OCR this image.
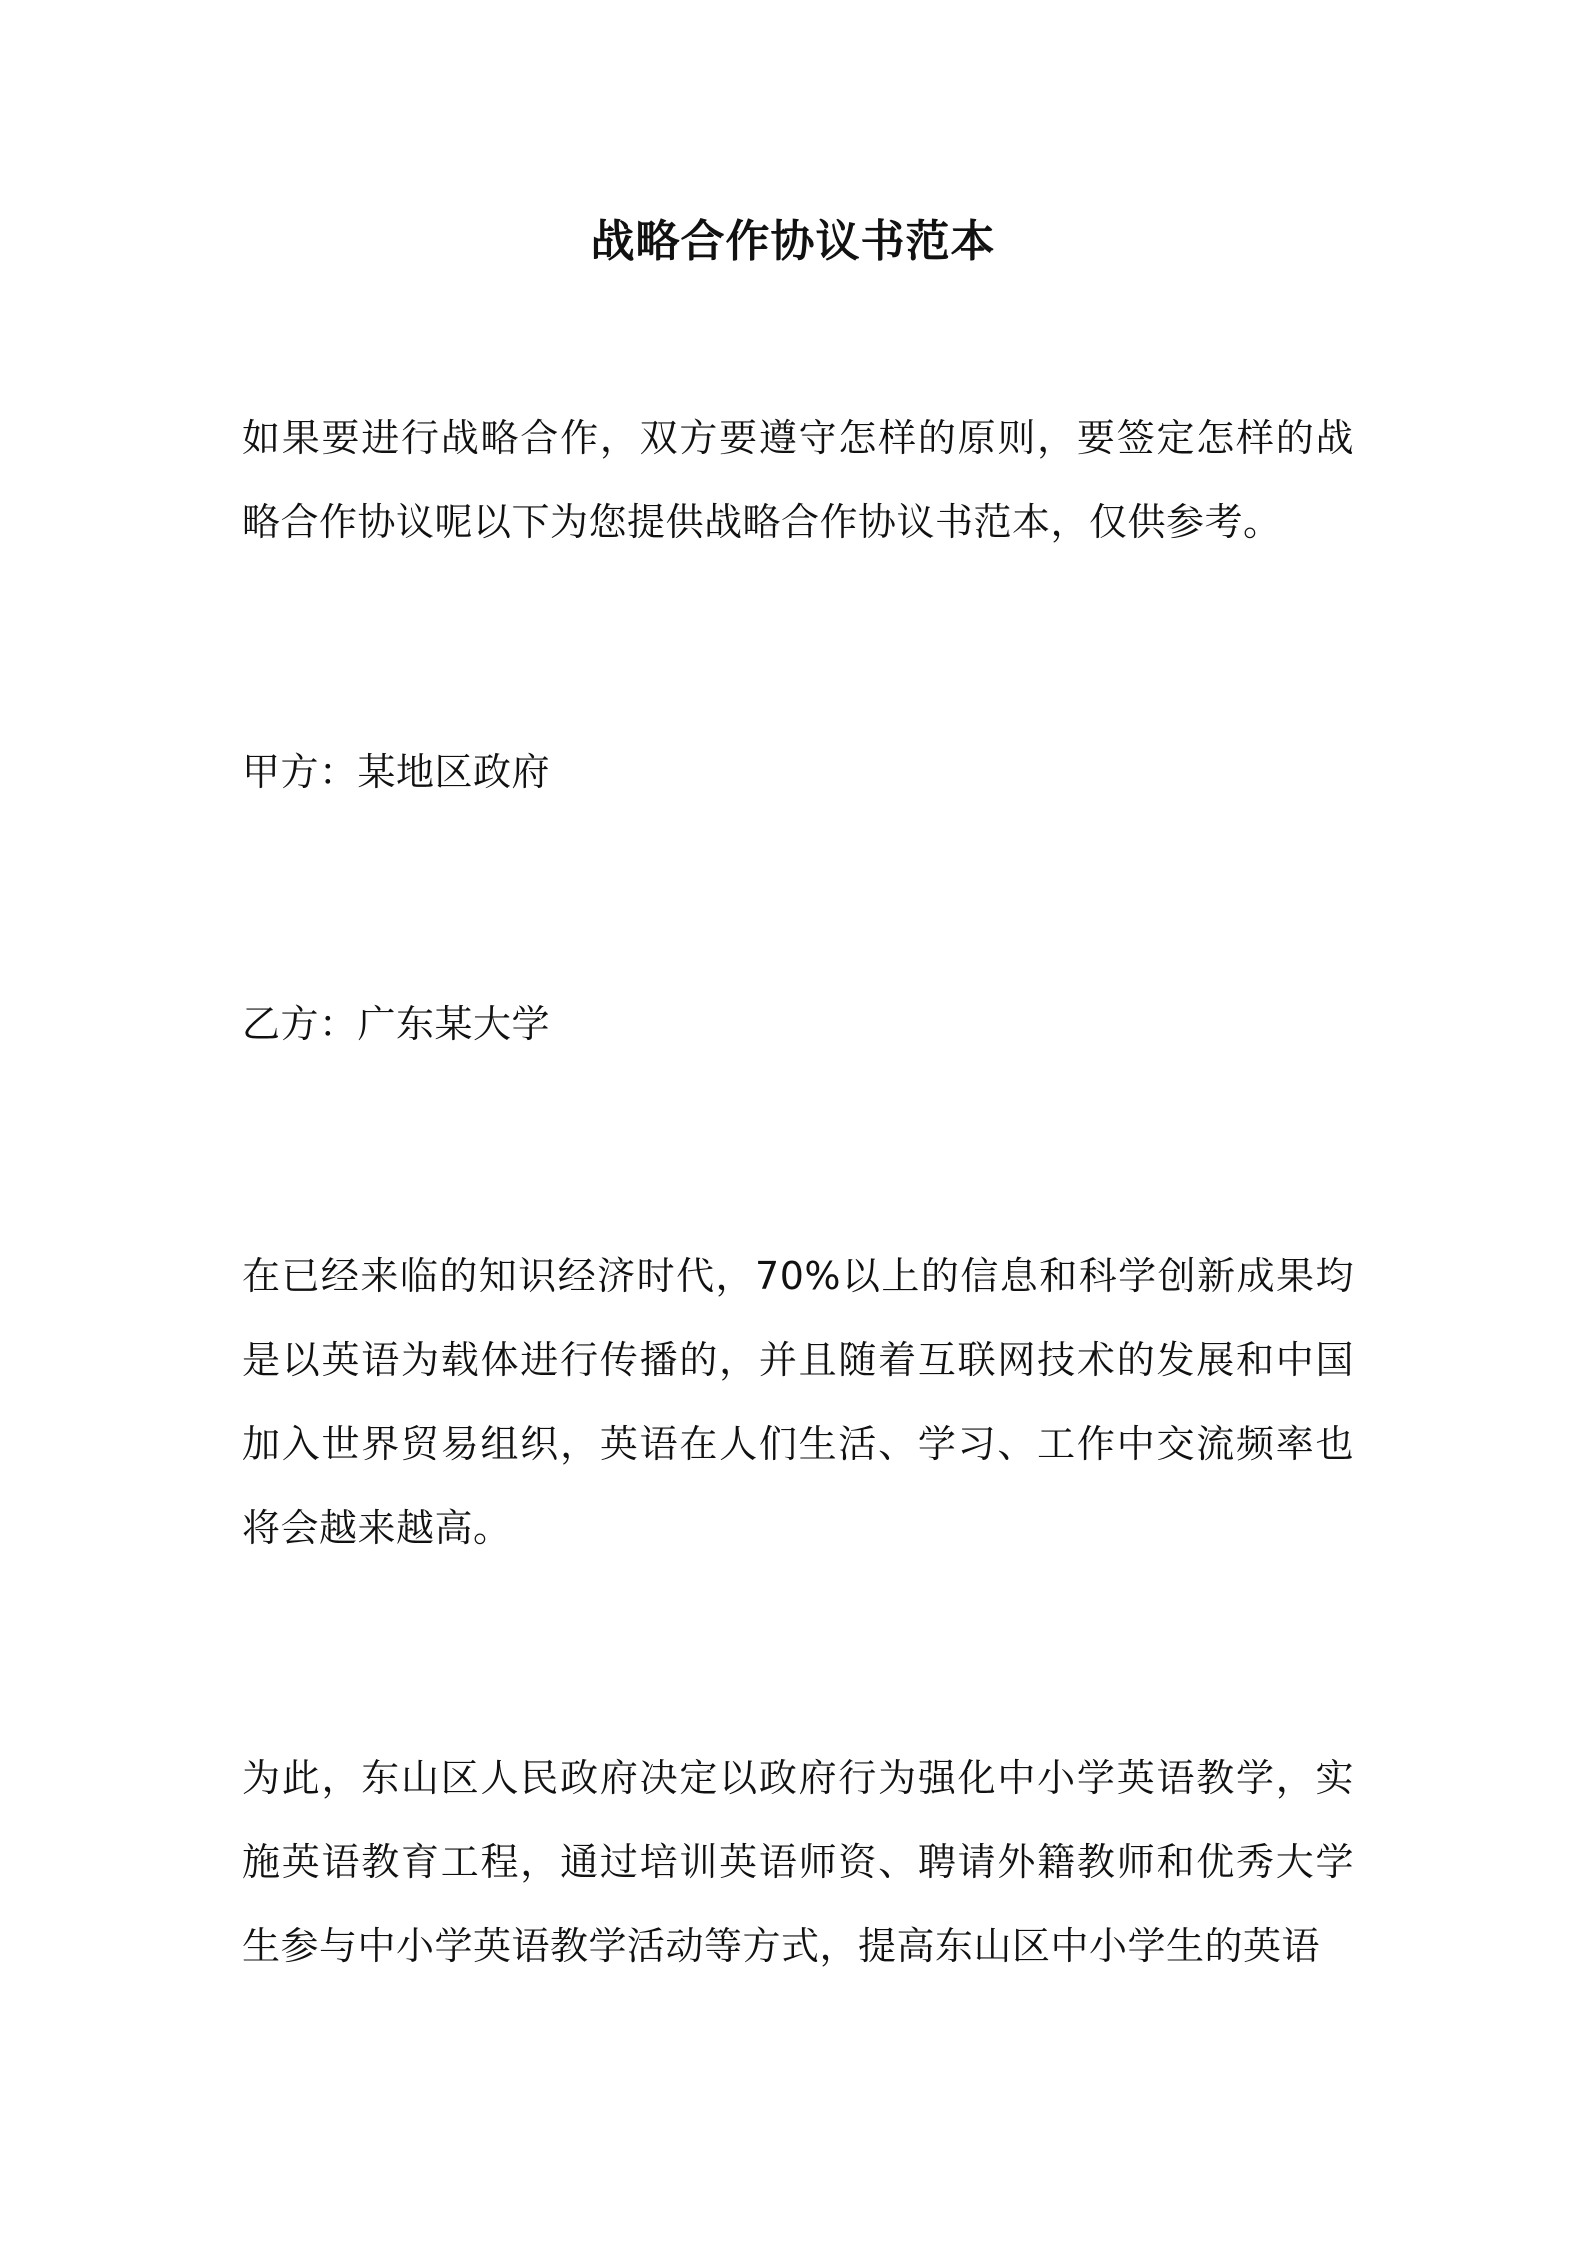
战略合作协议书范本

如果要进行战略合作，双方要遵守怎样的原则，要签定怎样的战略合作协议呢以下为您提供战略合作协议书范本，仅供参考。

甲方：某地区政府

乙方：广东某大学

在已经来临的知识经济时代，70%以上的信息和科学创新成果均是以英语为载体进行传播的，并且随着互联网技术的发展和中国加入世界贸易组织，英语在人们生活、学习、工作中交流频率也将会越来越高。

为此，东山区人民政府决定以政府行为强化中小学英语教学，实施英语教育工程，通过培训英语师资、聘请外籍教师和优秀大学生参与中小学英语教学活动等方式，提高东山区中小学生的英语
